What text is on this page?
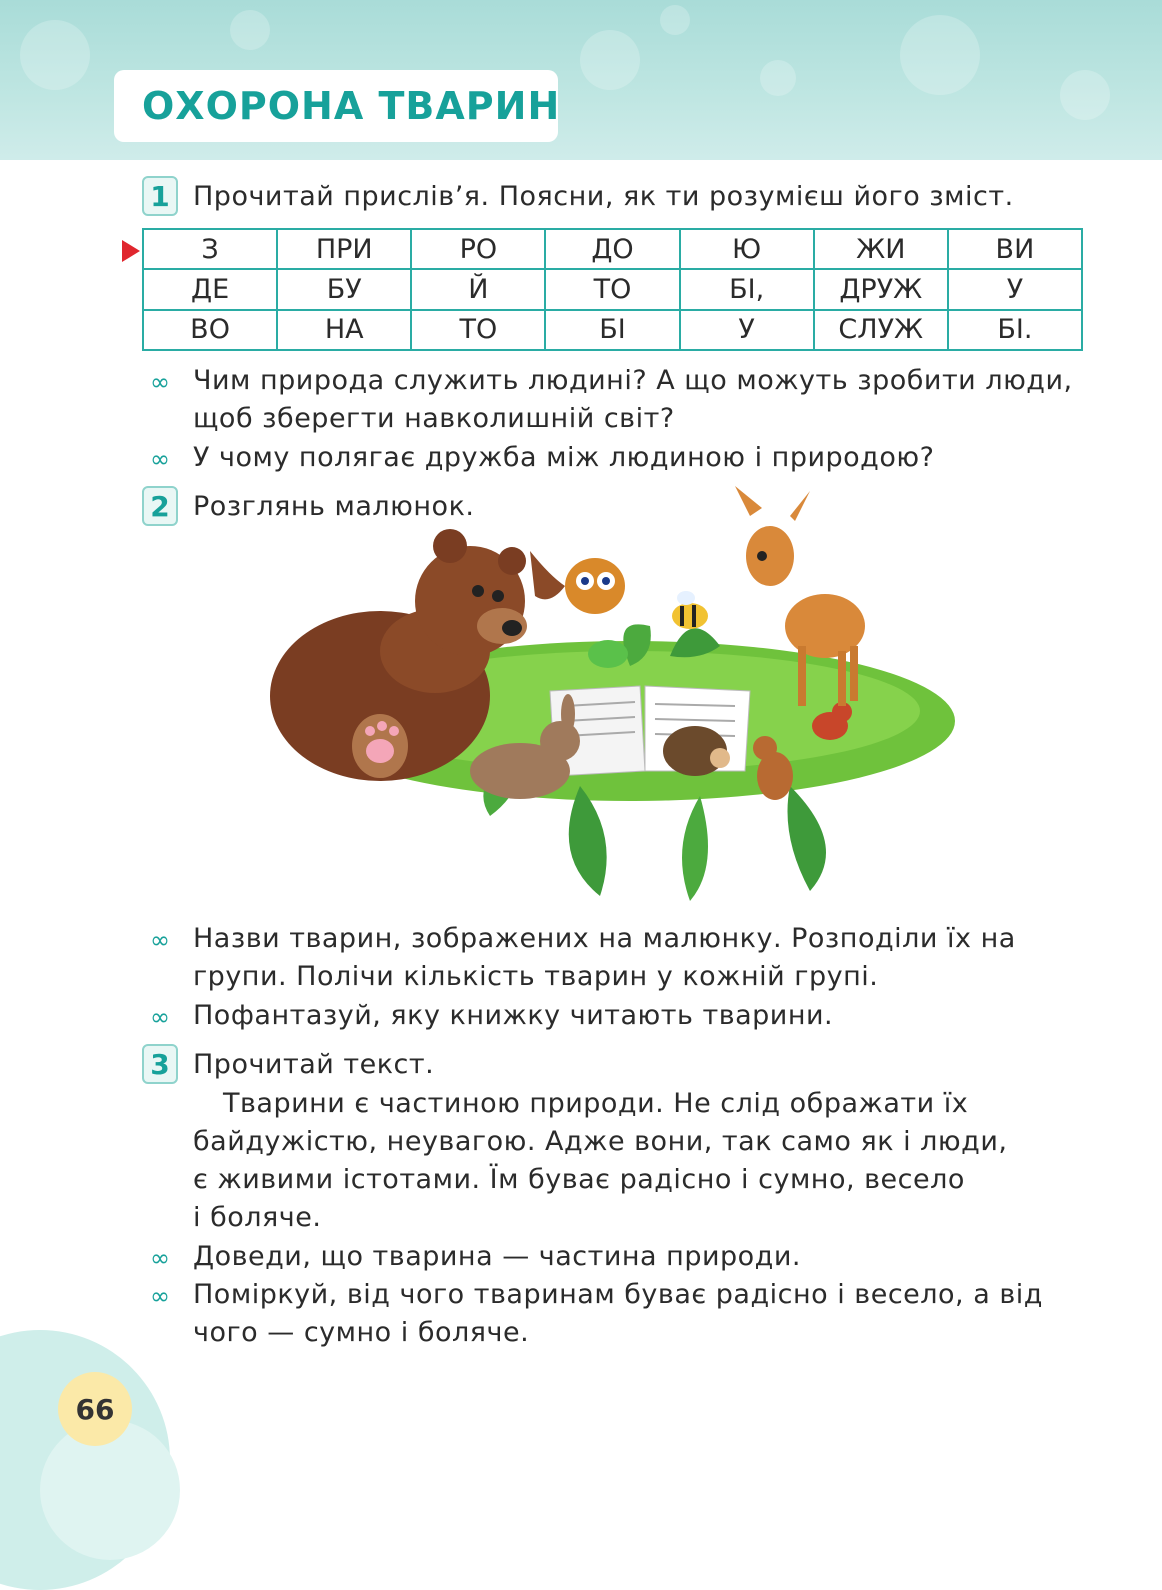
ОХОРОНА ТВАРИН
1 Прочитай прислів’я. Поясни, як ти розумієш його зміст.
З	ПРИ	РО	ДО	Ю	ЖИ	ВИ
ДЕ	БУ	Й	ТО	БІ,	ДРУЖ	У
ВО	НА	ТО	БІ	У	СЛУЖ	БІ.
∞ Чим природа служить людині? А що можуть зробити люди,
щоб зберегти навколишній світ?
∞ У чому полягає дружба між людиною і природою?
2 Розглянь малюнок.
∞ Назви тварин, зображених на малюнку. Розподіли їх на
групи. Полічи кількість тварин у кожній групі.
∞ Пофантазуй, яку книжку читають тварини.
3 Прочитай текст.
Тварини є частиною природи. Не слід ображати їх
байдужістю, неувагою. Адже вони, так само як і люди,
є живими істотами. Їм буває радісно і сумно, весело
і боляче.
∞ Доведи, що тварина — частина природи.
∞ Поміркуй, від чого тваринам буває радісно і весело, а від
чого — сумно і боляче.
66
